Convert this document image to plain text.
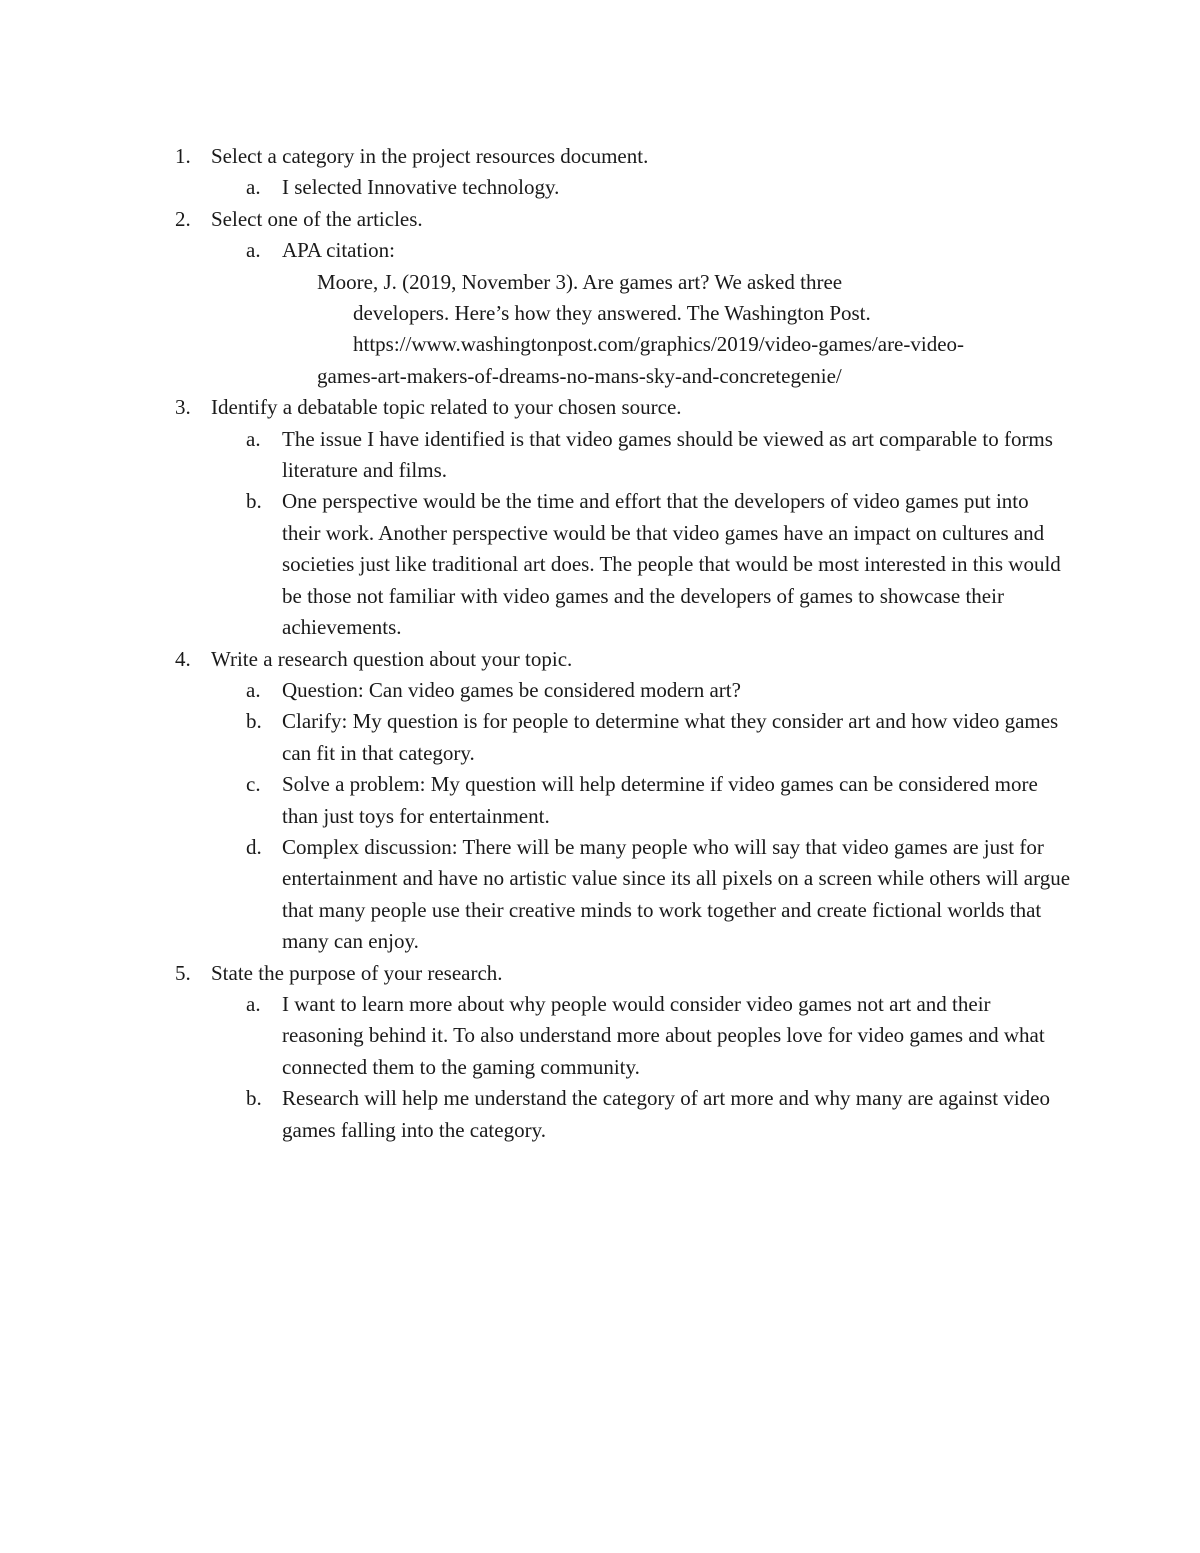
1. Select a category in the project resources document.
a. I selected Innovative technology.
2. Select one of the articles.
a. APA citation:
Moore, J. (2019, November 3). Are games art? We asked three
developers. Here’s how they answered. The Washington Post.
https://www.washingtonpost.com/graphics/2019/video-games/are-video-
games-art-makers-of-dreams-no-mans-sky-and-concretegenie/
3. Identify a debatable topic related to your chosen source.
a. The issue I have identified is that video games should be viewed as art comparable to forms literature and films.
b. One perspective would be the time and effort that the developers of video games put into their work. Another perspective would be that video games have an impact on cultures and societies just like traditional art does. The people that would be most interested in this would be those not familiar with video games and the developers of games to showcase their achievements.
4. Write a research question about your topic.
a. Question: Can video games be considered modern art?
b. Clarify: My question is for people to determine what they consider art and how video games can fit in that category.
c. Solve a problem: My question will help determine if video games can be considered more than just toys for entertainment.
d. Complex discussion: There will be many people who will say that video games are just for entertainment and have no artistic value since its all pixels on a screen while others will argue that many people use their creative minds to work together and create fictional worlds that many can enjoy.
5. State the purpose of your research.
a. I want to learn more about why people would consider video games not art and their reasoning behind it. To also understand more about peoples love for video games and what connected them to the gaming community.
b. Research will help me understand the category of art more and why many are against video games falling into the category.
